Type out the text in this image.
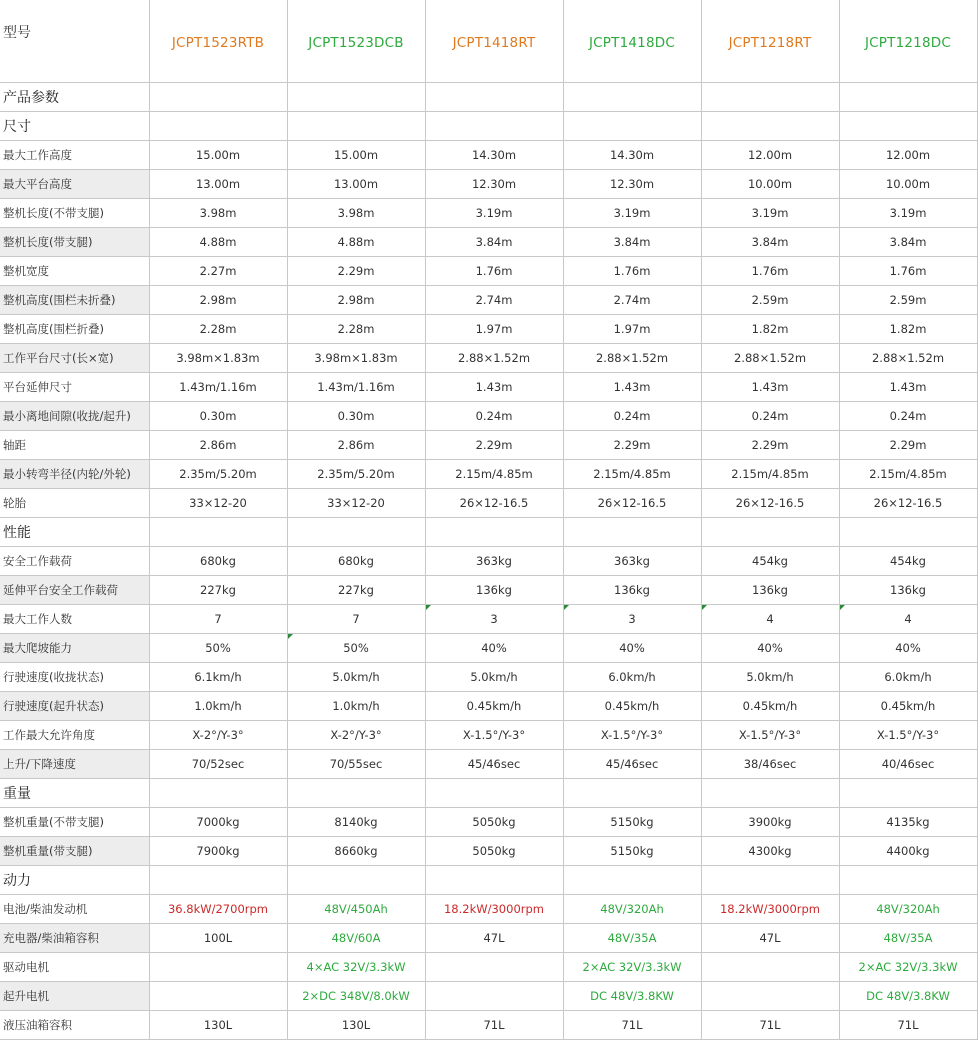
型号	JCPT1523RTB	JCPT1523DCB	JCPT1418RT	JCPT1418DC	JCPT1218RT	JCPT1218DC
产品参数						
尺寸						
最大工作高度	15.00m	15.00m	14.30m	14.30m	12.00m	12.00m
最大平台高度	13.00m	13.00m	12.30m	12.30m	10.00m	10.00m
整机长度(不带支腿)	3.98m	3.98m	3.19m	3.19m	3.19m	3.19m
整机长度(带支腿)	4.88m	4.88m	3.84m	3.84m	3.84m	3.84m
整机宽度	2.27m	2.29m	1.76m	1.76m	1.76m	1.76m
整机高度(围栏未折叠)	2.98m	2.98m	2.74m	2.74m	2.59m	2.59m
整机高度(围栏折叠)	2.28m	2.28m	1.97m	1.97m	1.82m	1.82m
工作平台尺寸(长×宽)	3.98m×1.83m	3.98m×1.83m	2.88×1.52m	2.88×1.52m	2.88×1.52m	2.88×1.52m
平台延伸尺寸	1.43m/1.16m	1.43m/1.16m	1.43m	1.43m	1.43m	1.43m
最小离地间隙(收拢/起升)	0.30m	0.30m	0.24m	0.24m	0.24m	0.24m
轴距	2.86m	2.86m	2.29m	2.29m	2.29m	2.29m
最小转弯半径(内轮/外轮)	2.35m/5.20m	2.35m/5.20m	2.15m/4.85m	2.15m/4.85m	2.15m/4.85m	2.15m/4.85m
轮胎	33×12-20	33×12-20	26×12-16.5	26×12-16.5	26×12-16.5	26×12-16.5
性能						
安全工作载荷	680kg	680kg	363kg	363kg	454kg	454kg
延伸平台安全工作载荷	227kg	227kg	136kg	136kg	136kg	136kg
最大工作人数	7	7	3	3	4	4
最大爬坡能力	50%	50%	40%	40%	40%	40%
行驶速度(收拢状态)	6.1km/h	5.0km/h	5.0km/h	6.0km/h	5.0km/h	6.0km/h
行驶速度(起升状态)	1.0km/h	1.0km/h	0.45km/h	0.45km/h	0.45km/h	0.45km/h
工作最大允许角度	X-2°/Y-3°	X-2°/Y-3°	X-1.5°/Y-3°	X-1.5°/Y-3°	X-1.5°/Y-3°	X-1.5°/Y-3°
上升/下降速度	70/52sec	70/55sec	45/46sec	45/46sec	38/46sec	40/46sec
重量						
整机重量(不带支腿)	7000kg	8140kg	5050kg	5150kg	3900kg	4135kg
整机重量(带支腿)	7900kg	8660kg	5050kg	5150kg	4300kg	4400kg
动力						
电池/柴油发动机	36.8kW/2700rpm	48V/450Ah	18.2kW/3000rpm	48V/320Ah	18.2kW/3000rpm	48V/320Ah
充电器/柴油箱容积	100L	48V/60A	47L	48V/35A	47L	48V/35A
驱动电机		4×AC 32V/3.3kW		2×AC 32V/3.3kW		2×AC 32V/3.3kW
起升电机		2×DC 348V/8.0kW		DC 48V/3.8KW		DC 48V/3.8KW
液压油箱容积	130L	130L	71L	71L	71L	71L
